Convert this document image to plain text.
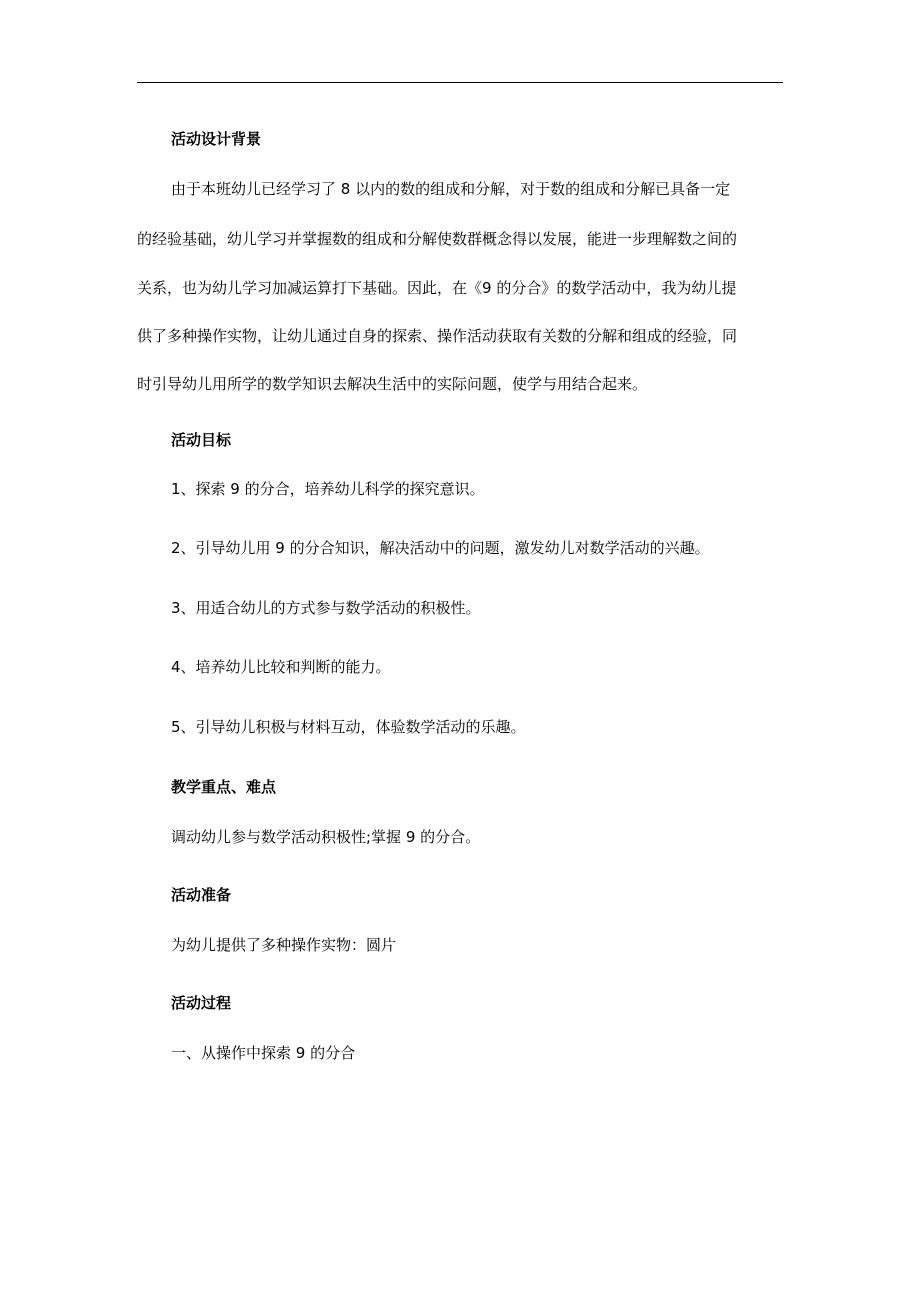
活动设计背景
由于本班幼儿已经学习了 8 以内的数的组成和分解，对于数的组成和分解已具备一定
的经验基础，幼儿学习并掌握数的组成和分解使数群概念得以发展，能进一步理解数之间的
关系，也为幼儿学习加减运算打下基础。因此，在《9 的分合》的数学活动中，我为幼儿提
供了多种操作实物，让幼儿通过自身的探索、操作活动获取有关数的分解和组成的经验，同
时引导幼儿用所学的数学知识去解决生活中的实际问题，使学与用结合起来。
活动目标
1、探索 9 的分合，培养幼儿科学的探究意识。
2、引导幼儿用 9 的分合知识，解决活动中的问题，激发幼儿对数学活动的兴趣。
3、用适合幼儿的方式参与数学活动的积极性。
4、培养幼儿比较和判断的能力。
5、引导幼儿积极与材料互动，体验数学活动的乐趣。
教学重点、难点
调动幼儿参与数学活动积极性;掌握 9 的分合。
活动准备
为幼儿提供了多种操作实物：圆片
活动过程
一、从操作中探索 9 的分合
